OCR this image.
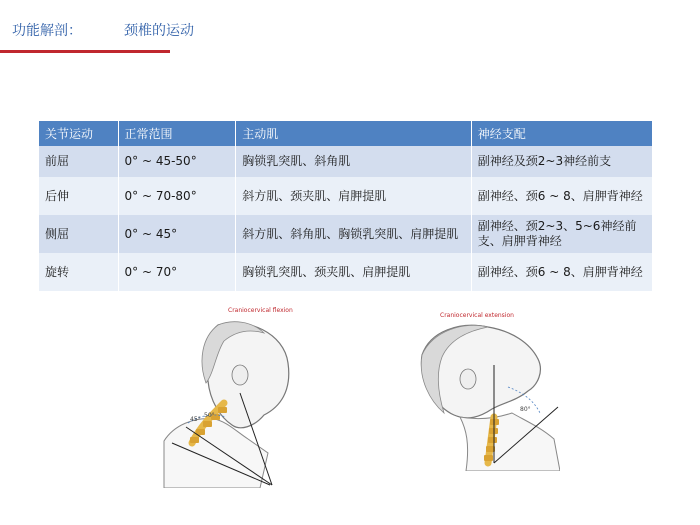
功能解剖：	颈椎的运动
关节运动	正常范围	主动肌	神经支配
前屈	0° ~ 45-50°	胸锁乳突肌、斜角肌	副神经及颈2~3神经前支
后伸	0° ~ 70-80°	斜方肌、颈夹肌、肩胛提肌	副神经、颈6 ~ 8、肩胛背神经
侧屈	0° ~ 45°	斜方肌、斜角肌、胸锁乳突肌、肩胛提肌	副神经、颈2~3、5~6神经前支、肩胛背神经
旋转	0° ~ 70°	胸锁乳突肌、颈夹肌、肩胛提肌	副神经、颈6 ~ 8、肩胛背神经
Craniocervical flexion
45°
50°
Craniocervical extension
80°
